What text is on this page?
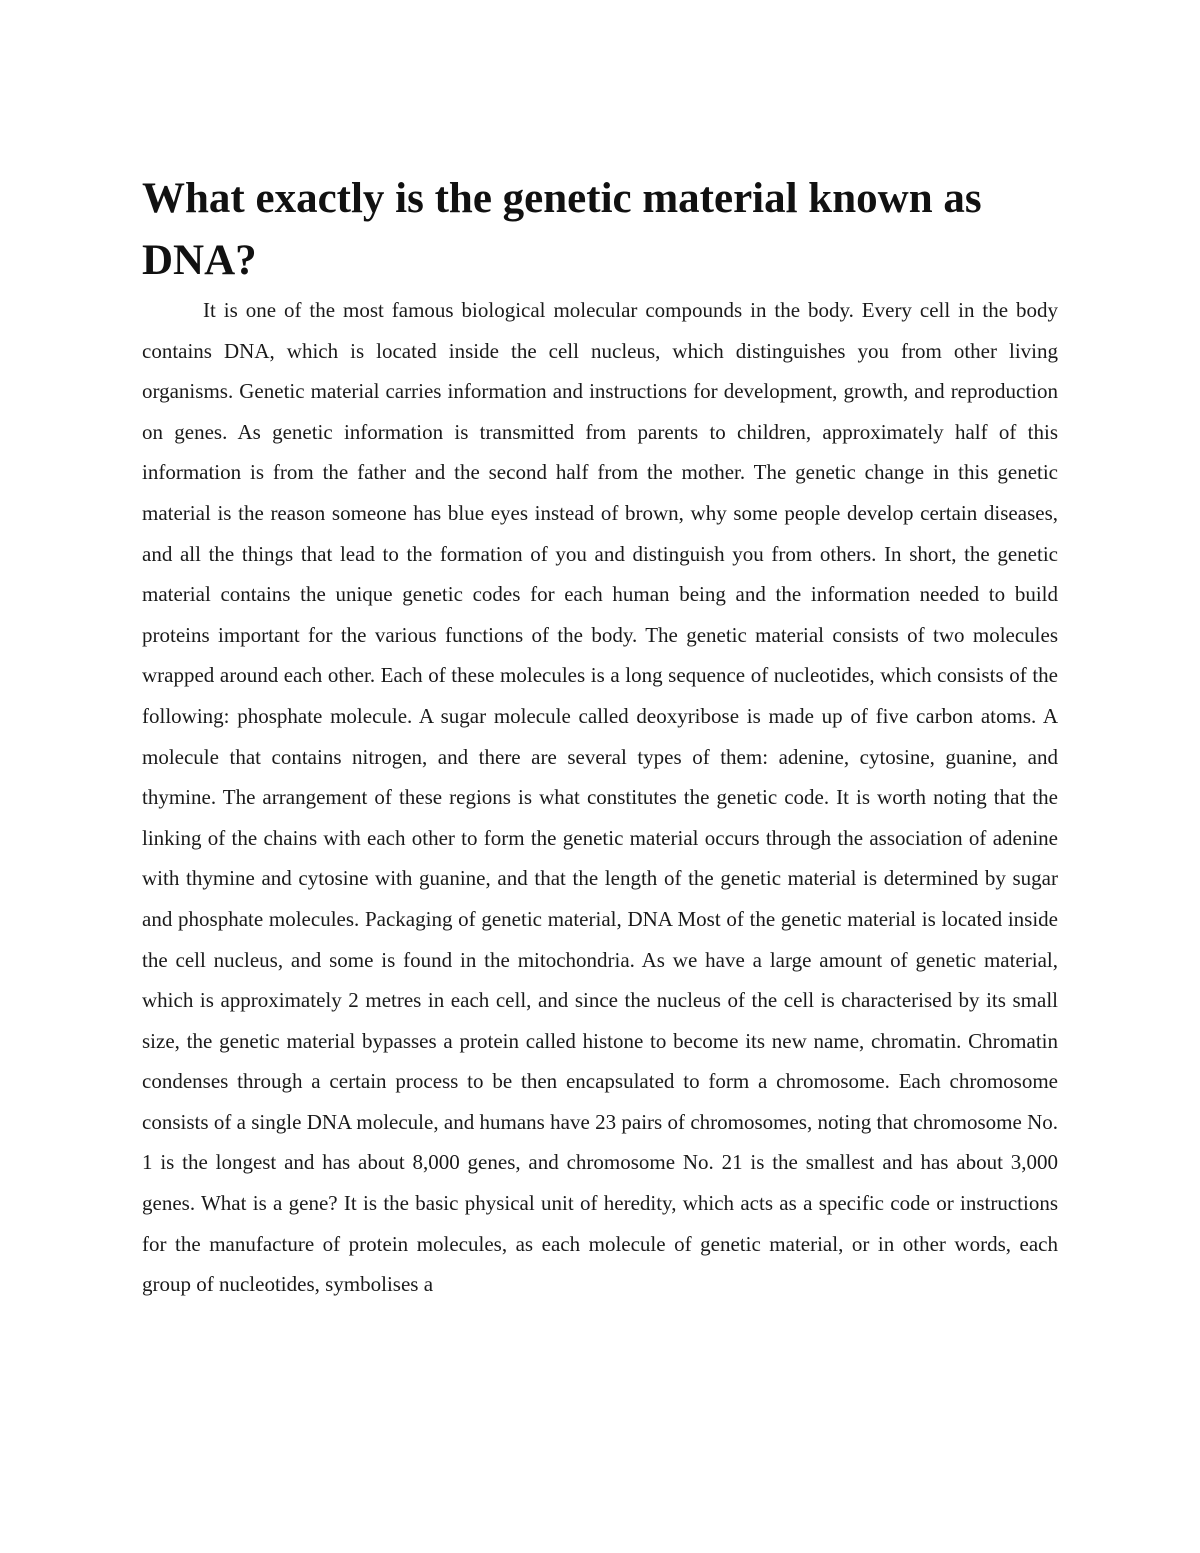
What exactly is the genetic material known as DNA?

It is one of the most famous biological molecular compounds in the body. Every cell in the body contains DNA, which is located inside the cell nucleus, which distinguishes you from other living organisms. Genetic material carries information and instructions for development, growth, and reproduction on genes. As genetic information is transmitted from parents to children, approximately half of this information is from the father and the second half from the mother. The genetic change in this genetic material is the reason someone has blue eyes instead of brown, why some people develop certain diseases, and all the things that lead to the formation of you and distinguish you from others. In short, the genetic material contains the unique genetic codes for each human being and the information needed to build proteins important for the various functions of the body. The genetic material consists of two molecules wrapped around each other. Each of these molecules is a long sequence of nucleotides, which consists of the following: phosphate molecule. A sugar molecule called deoxyribose is made up of five carbon atoms. A molecule that contains nitrogen, and there are several types of them: adenine, cytosine, guanine, and thymine. The arrangement of these regions is what constitutes the genetic code. It is worth noting that the linking of the chains with each other to form the genetic material occurs through the association of adenine with thymine and cytosine with guanine, and that the length of the genetic material is determined by sugar and phosphate molecules. Packaging of genetic material, DNA Most of the genetic material is located inside the cell nucleus, and some is found in the mitochondria. As we have a large amount of genetic material, which is approximately 2 metres in each cell, and since the nucleus of the cell is characterised by its small size, the genetic material bypasses a protein called histone to become its new name, chromatin. Chromatin condenses through a certain process to be then encapsulated to form a chromosome. Each chromosome consists of a single DNA molecule, and humans have 23 pairs of chromosomes, noting that chromosome No. 1 is the longest and has about 8,000 genes, and chromosome No. 21 is the smallest and has about 3,000 genes. What is a gene? It is the basic physical unit of heredity, which acts as a specific code or instructions for the manufacture of protein molecules, as each molecule of genetic material, or in other words, each group of nucleotides, symbolises a
